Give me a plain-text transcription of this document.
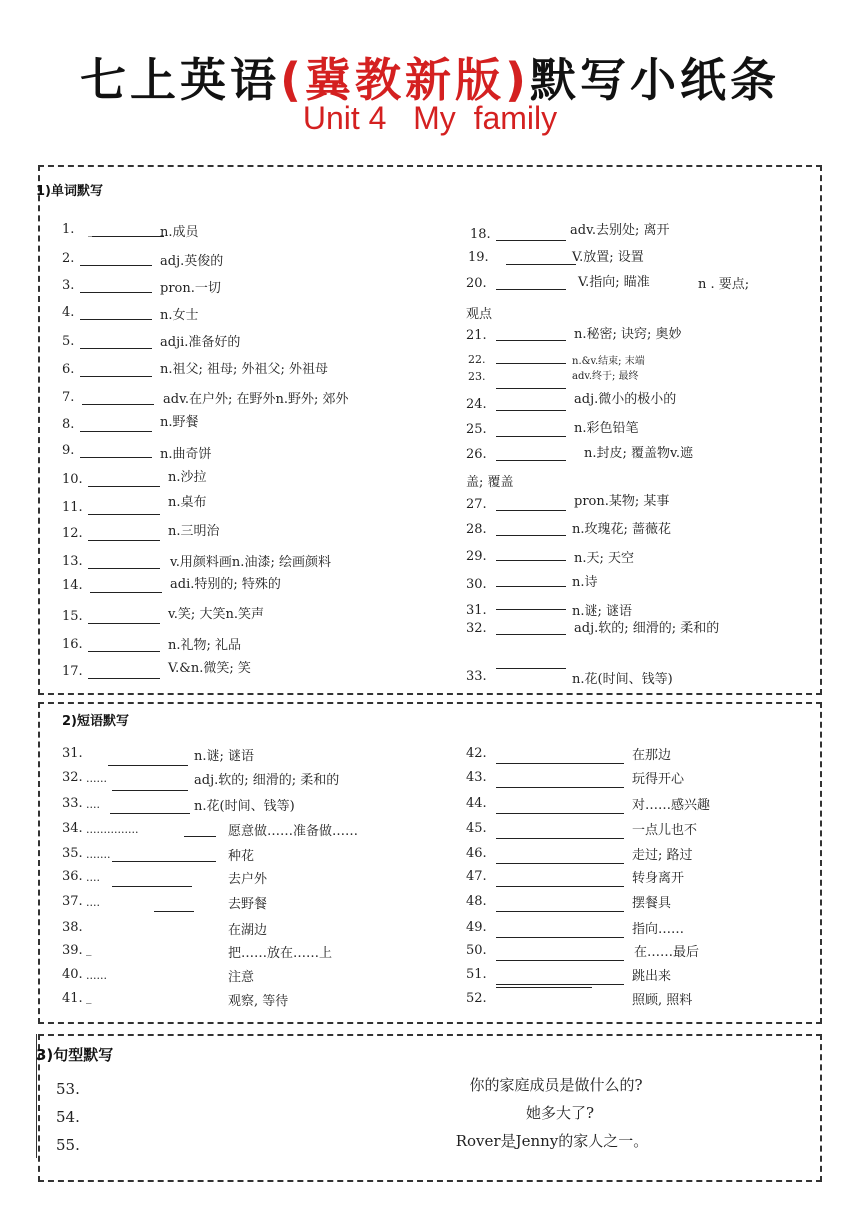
七上英语(冀教新版)默写小纸条
Unit 4   My  family
1)单词默写
2)短语默写
3)句型默写
1.	n.成员
2.	adj.英俊的
3.	pron.一切
4.	n.女士
5.	adji.准备好的
6.	n.祖父; 祖母; 外祖父; 外祖母
7.	adv.在户外; 在野外n.野外; 郊外
8.	n.野餐
9.	n.曲奇饼
10.	n.沙拉
11.	n.桌布
12.	n.三明治
13.	v.用颜料画n.油漆; 绘画颜料
14.	adi.特别的; 特殊的
15.	v.笑; 大笑n.笑声
16.	n.礼物; 礼品
17.	V.&n.微笑; 笑
18.	adv.去别处; 离开
19.	V.放置; 设置
20.	V.指向; 瞄准	n . 要点;
观点
21.	n.秘密; 诀窍; 奥妙
22.	n.&v.结束; 末端
23.	adv.终于; 最终
24.	adj.微小的极小的
25.	n.彩色铅笔
26.	n.封皮; 覆盖物v.遮
盖; 覆盖
27.	pron.某物; 某事
28.	n.玫瑰花; 蔷薇花
29.	n.天; 天空
30.	n.诗
31.	n.谜; 谜语
32.	adj.软的; 细滑的; 柔和的
33.	n.花(时间、钱等)
31.	n.谜; 谜语
32. ......	adj.软的; 细滑的; 柔和的
33. ....	n.花(时间、钱等)
34. ...............	愿意做……准备做……
35. .......	种花
36. ....	去户外
37. ....	去野餐
38.	在湖边
39.	把……放在……上
40. ......	注意
41.	观察, 等待
_
_
_
42.	在那边
43.	玩得开心
44.	对……感兴趣
45.	一点儿也不
46.	走过; 路过
47.	转身离开
48.	摆餐具
49.	指向……
50.	在……最后
51.	跳出来
52.	照顾, 照料
53.	你的家庭成员是做什么的?
54.	她多大了?
55.	Rover是Jenny的家人之一。
